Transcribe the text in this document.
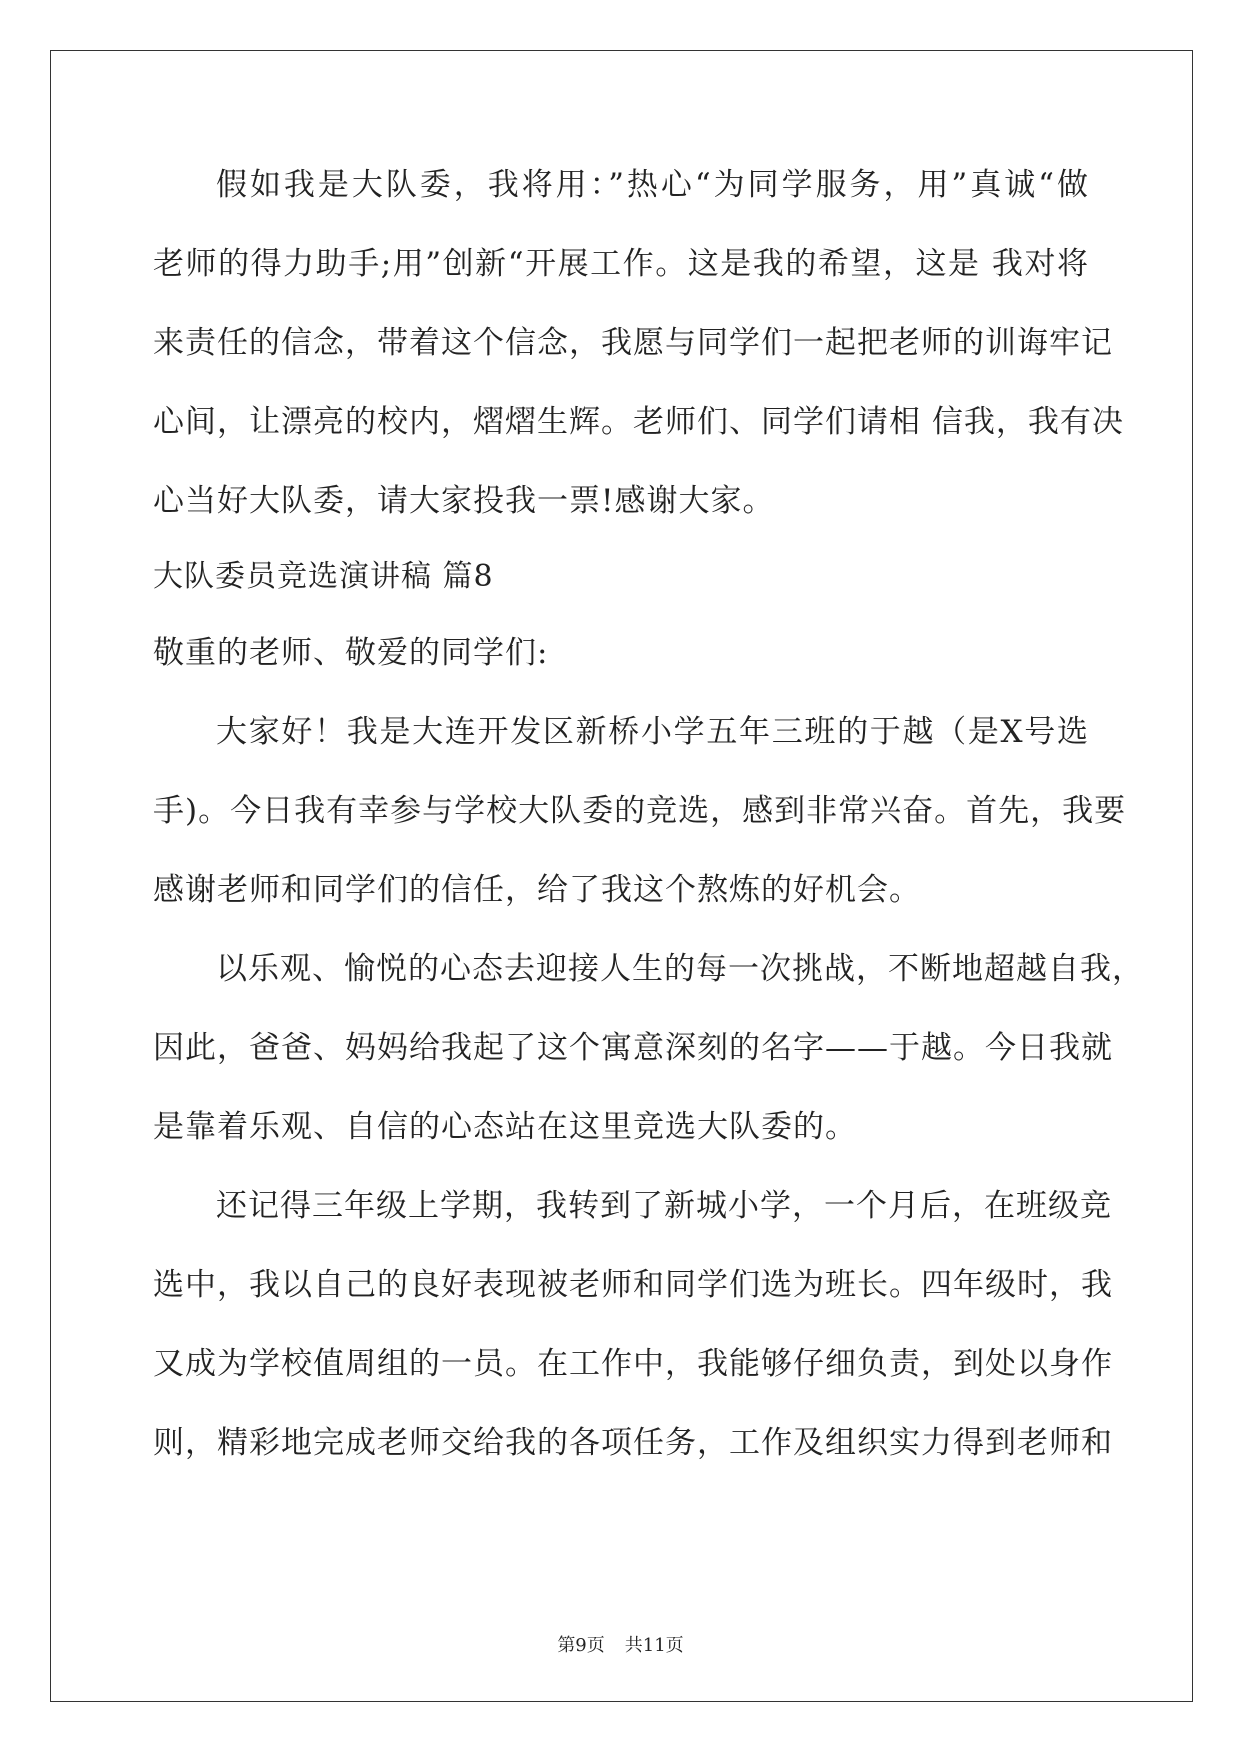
假如我是大队委，我将用：”热心“为同学服务，用”真诚“做
老师的得力助手;用”创新“开展工作。这是我的希望，这是 我对将
来责任的信念，带着这个信念，我愿与同学们一起把老师的训诲牢记
心间，让漂亮的校内，熠熠生辉。老师们、同学们请相 信我，我有决
心当好大队委，请大家投我一票!感谢大家。
大队委员竞选演讲稿 篇8
敬重的老师、敬爱的同学们:
大家好！我是大连开发区新桥小学五年三班的于越（是X号选
手)。今日我有幸参与学校大队委的竞选，感到非常兴奋。首先，我要
感谢老师和同学们的信任，给了我这个熬炼的好机会。
以乐观、愉悦的心态去迎接人生的每一次挑战，不断地超越自我，
因此，爸爸、妈妈给我起了这个寓意深刻的名字——于越。今日我就
是靠着乐观、自信的心态站在这里竞选大队委的。
还记得三年级上学期，我转到了新城小学，一个月后，在班级竞
选中，我以自己的良好表现被老师和同学们选为班长。四年级时，我
又成为学校值周组的一员。在工作中，我能够仔细负责，到处以身作
则，精彩地完成老师交给我的各项任务，工作及组织实力得到老师和
第9页 共11页
